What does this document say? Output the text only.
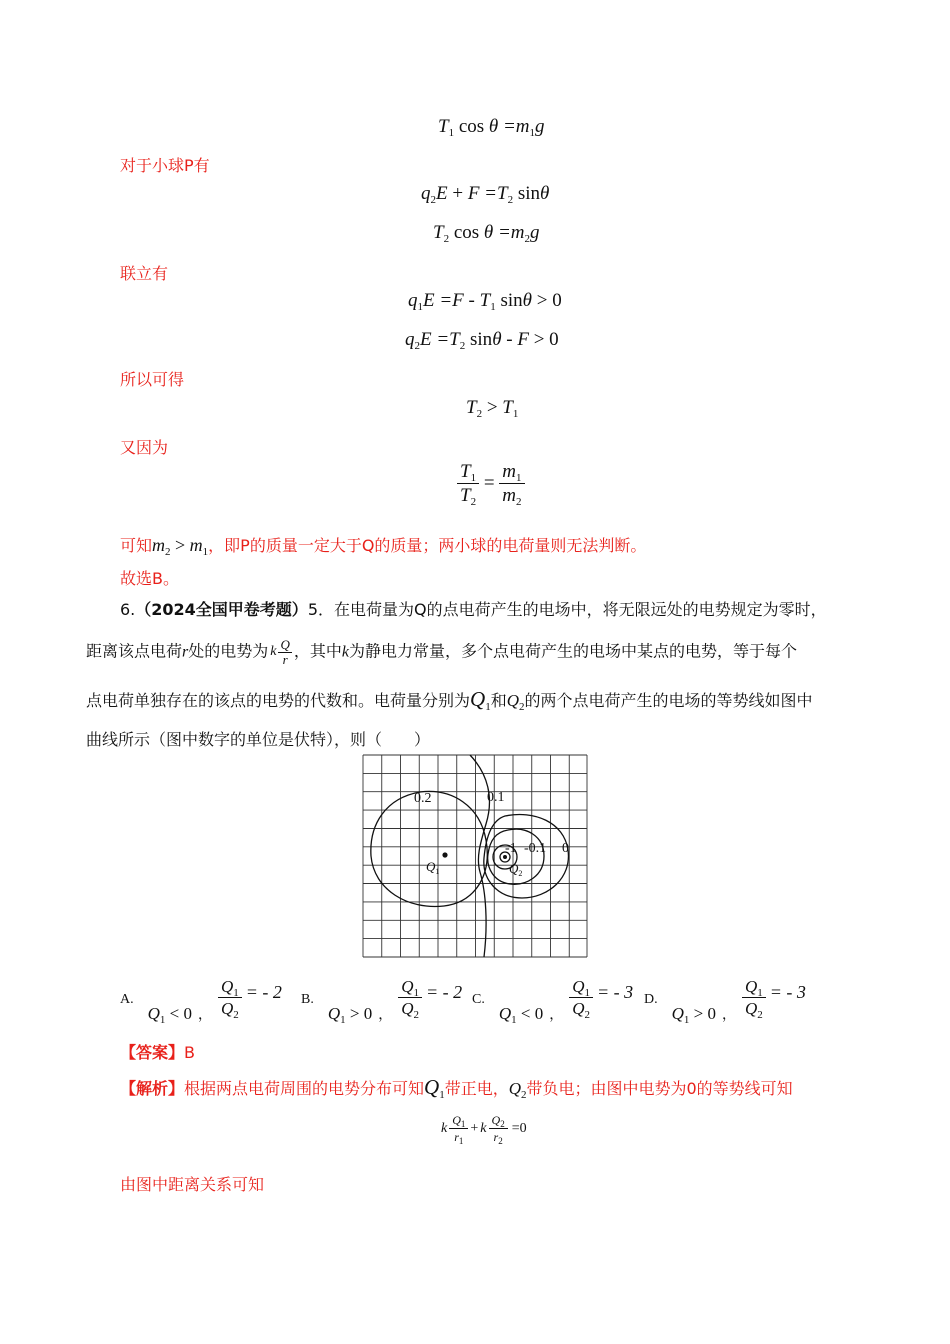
$T_1$ $\cos \theta =m_1g$
对于小球P有
$q_2E + F =T_2$ sinθ
$T_2$ $\cos \theta =m_2g$
联立有
$q_1E =F - T_1$ sinθ > 0
$q_2E =T_2$ sinθ - F > 0
所以可得
$T_2 > T_1$
又因为
$\frac{T_1}{T_2} = \frac{m_1}{m_2}$
可知$m_2 > m_1$，即P的质量一定大于Q的质量；两小球的电荷量则无法判断。
故选B。
6.（2024全国甲卷考题）5．在电荷量为Q的点电荷产生的电场中，将无限远处的电势规定为零时，
距离该点电荷r处的电势为 k $\frac{Q}{r}$ ，其中k为静电力常量，多个点电荷产生的电场中某点的电势，等于每个
点电荷单独存在的该点的电势的代数和。电荷量分别为$Q_1$和$Q_2$的两个点电荷产生的电场的等势线如图中
曲线所示（图中数字的单位是伏特），则（　　）
0.2	0.1
-1 -0.1 0
$Q_1$	$Q_2$
A.
$Q_1 < 0$ ， $\frac{Q_1}{Q_2}$ = - 2 B.
$Q_1 > 0$ ， $\frac{Q_1}{Q_2}$ = - 2 C.
$Q_1 < 0$ ， $\frac{Q_1}{Q_2}$ = - 3 D.
$Q_1 > 0$ ， $\frac{Q_1}{Q_2}$ = - 3
【答案】B
【解析】根据两点电荷周围的电势分布可知$Q_1$带正电，$Q_2$带负电；由图中电势为0的等势线可知
k $\frac{Q_1}{r_1} + k \frac{Q_2}{r_2} =0$
由图中距离关系可知
